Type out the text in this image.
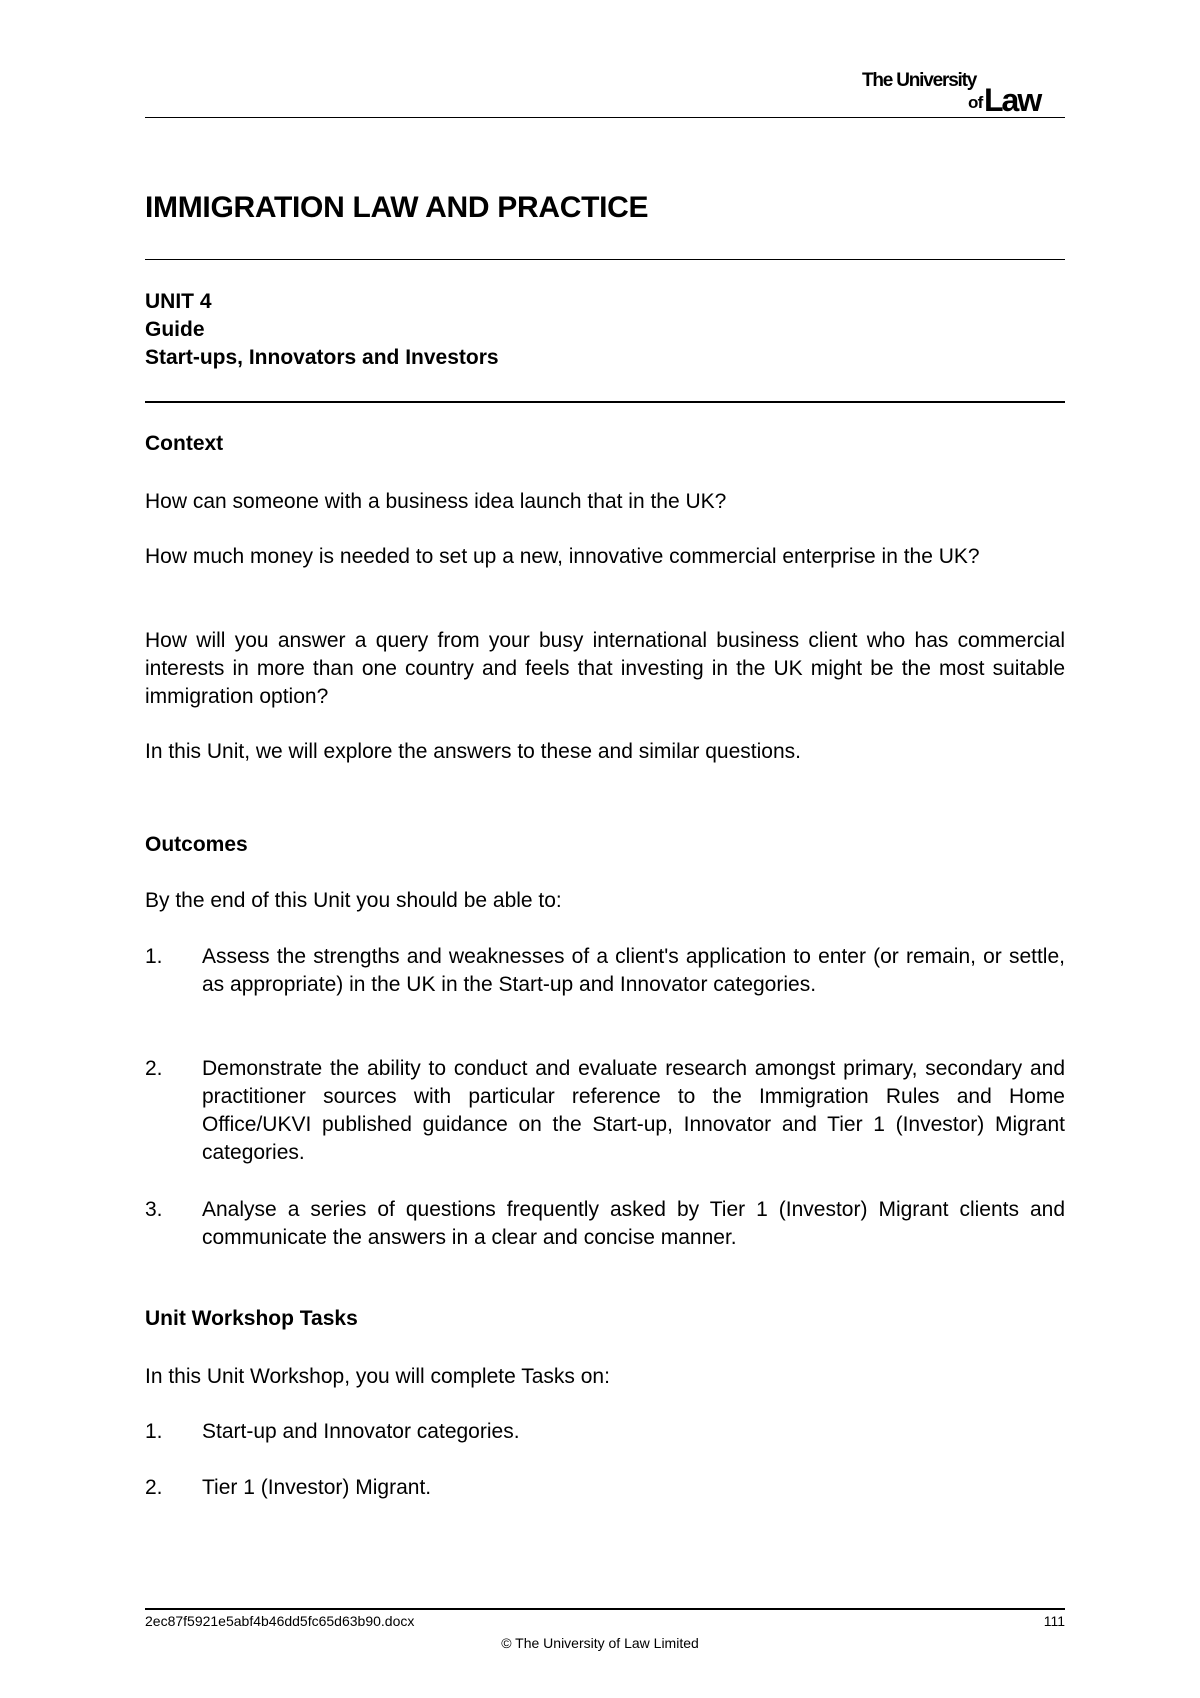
The University
of Law
IMMIGRATION LAW AND PRACTICE
UNIT 4
Guide
Start-ups, Innovators and Investors
Context
How can someone with a business idea launch that in the UK?
How much money is needed to set up a new, innovative commercial enterprise in the UK?
How will you answer a query from your busy international business client who has commercial interests in more than one country and feels that investing in the UK might be the most suitable immigration option?
In this Unit, we will explore the answers to these and similar questions.
Outcomes
By the end of this Unit you should be able to:
1. Assess the strengths and weaknesses of a client's application to enter (or remain, or settle, as appropriate) in the UK in the Start-up and Innovator categories.
2. Demonstrate the ability to conduct and evaluate research amongst primary, secondary and practitioner sources with particular reference to the Immigration Rules and Home Office/UKVI published guidance on the Start-up, Innovator and Tier 1 (Investor) Migrant categories.
3. Analyse a series of questions frequently asked by Tier 1 (Investor) Migrant clients and communicate the answers in a clear and concise manner.
Unit Workshop Tasks
In this Unit Workshop, you will complete Tasks on:
1. Start-up and Innovator categories.
2. Tier 1 (Investor) Migrant.
2ec87f5921e5abf4b46dd5fc65d63b90.docx	111
© The University of Law Limited
